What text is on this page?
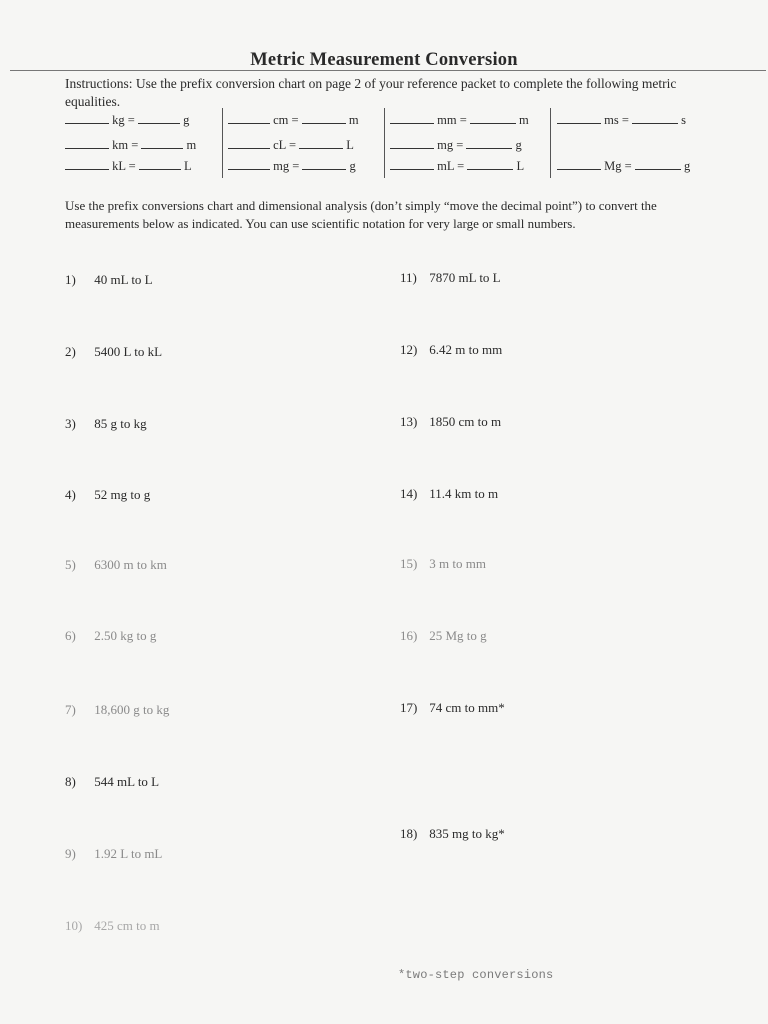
Metric Measurement Conversion
Instructions: Use the prefix conversion chart on page 2 of your reference packet to complete the following metric equalities.
kg =	g	cm =	m	mm =	m	ms =	s
km =	m	cL =	L	mg =	g
kL =	L	mg =	g	mL =	L	Mg =	g
Use the prefix conversions chart and dimensional analysis (don’t simply “move the decimal point”) to convert the measurements below as indicated. You can use scientific notation for very large or small numbers.
1) 40 mL to L
2) 5400 L to kL
3) 85 g to kg
4) 52 mg to g
5) 6300 m to km
6) 2.50 kg to g
7) 18,600 g to kg
8) 544 mL to L
9) 1.92 L to mL
10) 425 cm to m
11) 7870 mL to L
12) 6.42 m to mm
13) 1850 cm to m
14) 11.4 km to m
15) 3 m to mm
16) 25 Mg to g
17) 74 cm to mm*
18) 835 mg to kg*
*two-step conversions
